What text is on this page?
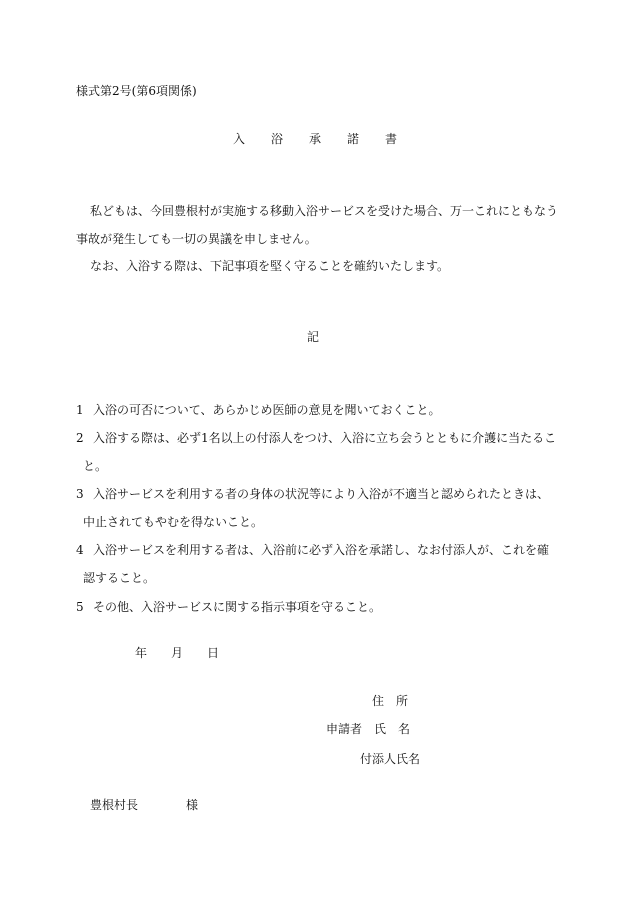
様式第2号(第6項関係)
入 浴 承 諾 書
私どもは、今回豊根村が実施する移動入浴サービスを受けた場合、万一これにともなう
事故が発生しても一切の異議を申しません。
なお、入浴する際は、下記事項を堅く守ることを確約いたします。
記
1 入浴の可否について、あらかじめ医師の意見を聞いておくこと。
2 入浴する際は、必ず1名以上の付添人をつけ、入浴に立ち会うとともに介護に当たるこ
と。
3 入浴サービスを利用する者の身体の状況等により入浴が不適当と認められたときは、
中止されてもやむを得ないこと。
4 入浴サービスを利用する者は、入浴前に必ず入浴を承諾し、なお付添人が、これを確
認すること。
5 その他、入浴サービスに関する指示事項を守ること。
年 月 日
住　所
申請者　氏　名
付添人氏名
豊根村長　　　　様
